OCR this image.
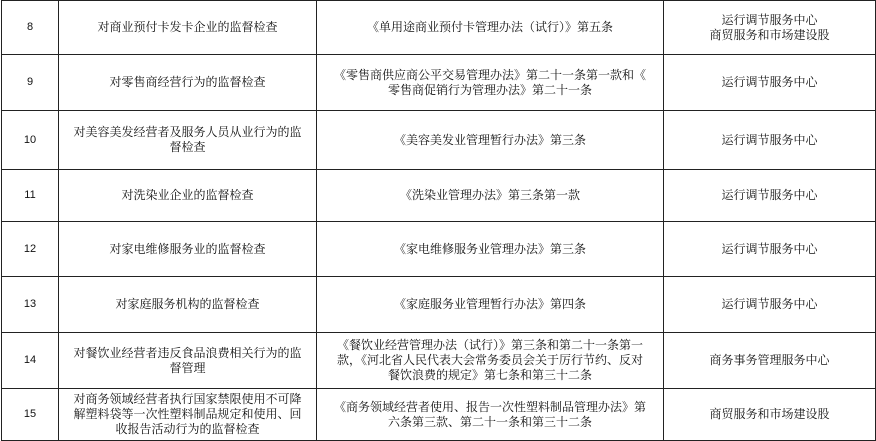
8	对商业预付卡发卡企业的监督检查	《单用途商业预付卡管理办法（试行）》第五条	运行调节服务中心
商贸服务和市场建设股

9	对零售商经营行为的监督检查	《零售商供应商公平交易管理办法》第二十一条第一款和《
零售商促销行为管理办法》第二十一条	运行调节服务中心

10	对美容美发经营者及服务人员从业行为的监
督检查	《美容美发业管理暂行办法》第三条	运行调节服务中心

11	对洗染业企业的监督检查	《洗染业管理办法》第三条第一款	运行调节服务中心

12	对家电维修服务业的监督检查	《家电维修服务业管理办法》第三条	运行调节服务中心

13	对家庭服务机构的监督检查	《家庭服务业管理暂行办法》第四条	运行调节服务中心

14	对餐饮业经营者违反食品浪费相关行为的监
督管理	《餐饮业经营管理办法（试行）》第三条和第二十一条第一
款，《河北省人民代表大会常务委员会关于厉行节约、反对
餐饮浪费的规定》第七条和第三十二条	商务事务管理服务中心

15	对商务领域经营者执行国家禁限使用不可降
解塑料袋等一次性塑料制品规定和使用、回
收报告活动行为的监督检查	《商务领域经营者使用、报告一次性塑料制品管理办法》第
六条第三款、第二十一条和第三十二条	商贸服务和市场建设股
